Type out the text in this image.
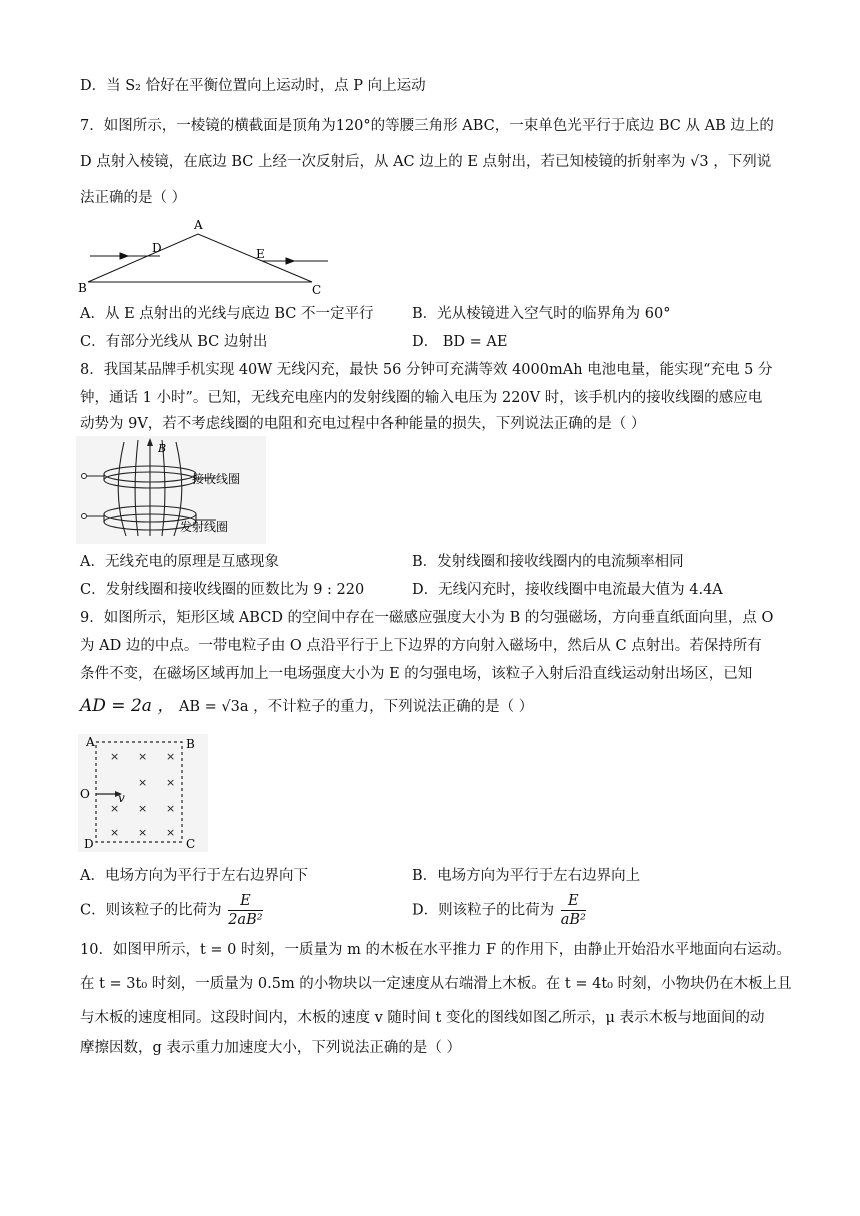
D．当 S₂ 恰好在平衡位置向上运动时，点 P 向上运动
7．如图所示，一棱镜的横截面是顶角为120°的等腰三角形 ABC，一束单色光平行于底边 BC 从 AB 边上的
D 点射入棱镜，在底边 BC 上经一次反射后，从 AC 边上的 E 点射出，若已知棱镜的折射率为 √3 ，下列说
法正确的是（ ）
A
B	C
D	E
A．从 E 点射出的光线与底边 BC 不一定平行	B．光从棱镜进入空气时的临界角为 60°
C．有部分光线从 BC 边射出	D． BD = AE
8．我国某品牌手机实现 40W 无线闪充，最快 56 分钟可充满等效 4000mAh 电池电量，能实现“充电 5 分
钟，通话 1 小时”。已知，无线充电座内的发射线圈的输入电压为 220V 时，该手机内的接收线圈的感应电
动势为 9V，若不考虑线圈的电阻和充电过程中各种能量的损失，下列说法正确的是（ ）
B
接收线圈
发射线圈
A．无线充电的原理是互感现象	B．发射线圈和接收线圈内的电流频率相同
C．发射线圈和接收线圈的匝数比为 9 : 220	D．无线闪充时，接收线圈中电流最大值为 4.4A
9．如图所示，矩形区域 ABCD 的空间中存在一磁感应强度大小为 B 的匀强磁场，方向垂直纸面向里，点 O
为 AD 边的中点。一带电粒子由 O 点沿平行于上下边界的方向射入磁场中，然后从 C 点射出。若保持所有
条件不变，在磁场区域再加上一电场强度大小为 E 的匀强电场，该粒子入射后沿直线运动射出场区，已知
AD = 2a ， AB = √3a ，不计粒子的重力，下列说法正确的是（ ）
× × ×
× ×
× × ×
× × ×
A	B
C
D
O v
A．电场方向为平行于左右边界向下	B．电场方向为平行于左右边界向上
C．则该粒子的比荷为 $\frac{E}{\text{2aB²}}$	D．则该粒子的比荷为 $\frac{E}{\text{aB²}}$
10．如图甲所示，t = 0 时刻，一质量为 m 的木板在水平推力 F 的作用下，由静止开始沿水平地面向右运动。
在 t = 3t₀ 时刻，一质量为 0.5m 的小物块以一定速度从右端滑上木板。在 t = 4t₀ 时刻，小物块仍在木板上且
与木板的速度相同。这段时间内，木板的速度 v 随时间 t 变化的图线如图乙所示，μ 表示木板与地面间的动
摩擦因数，g 表示重力加速度大小，下列说法正确的是（ ）
